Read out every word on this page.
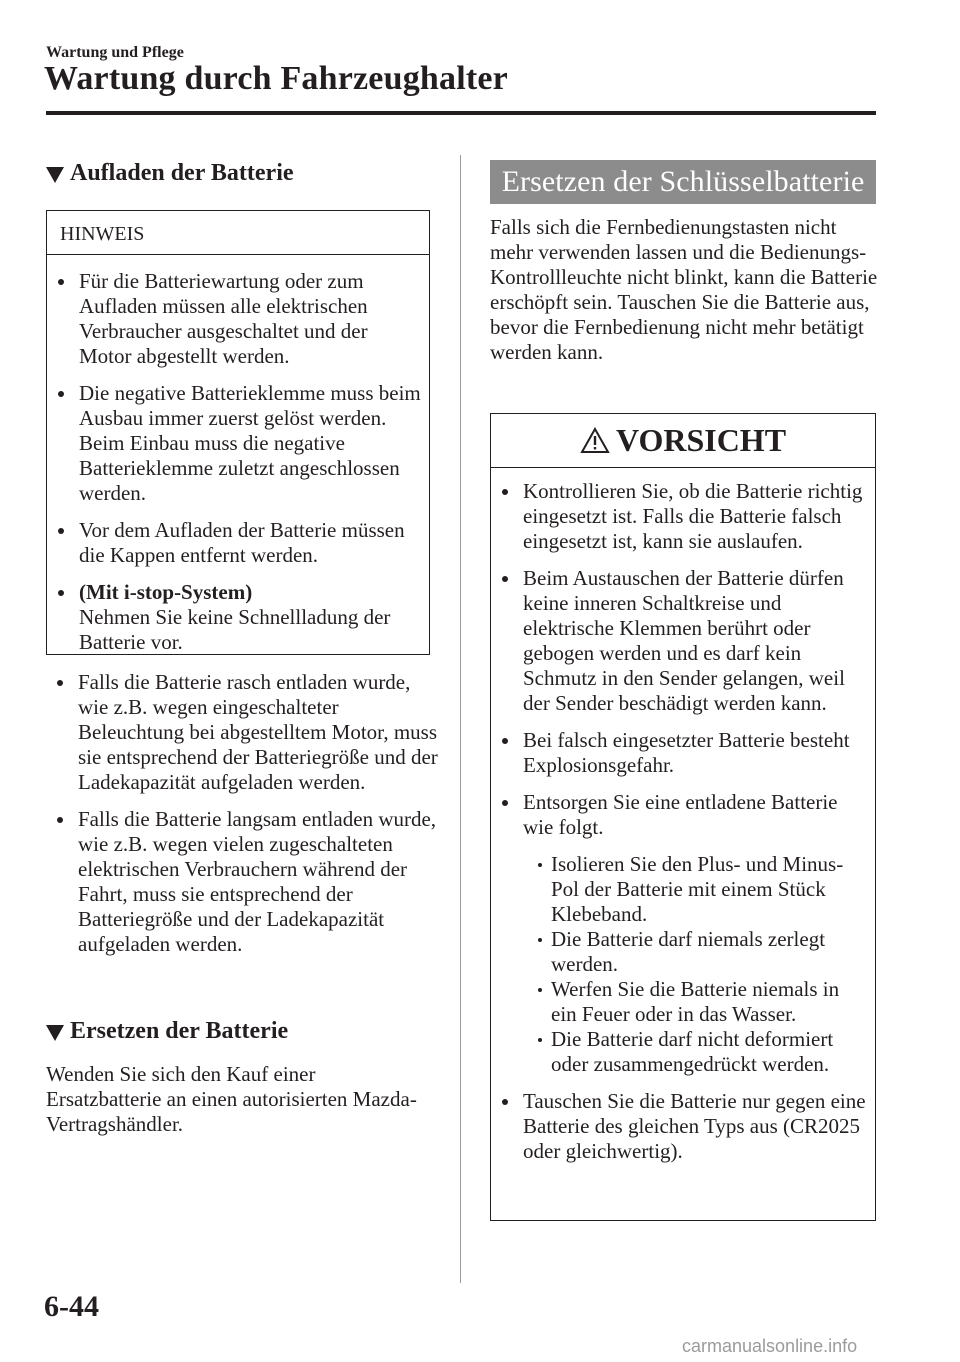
Wartung und Pflege
Wartung durch Fahrzeughalter
Aufladen der Batterie
HINWEIS
Für die Batteriewartung oder zum Aufladen müssen alle elektrischen Verbraucher ausgeschaltet und der Motor abgestellt werden.
Die negative Batterieklemme muss beim Ausbau immer zuerst gelöst werden. Beim Einbau muss die negative Batterieklemme zuletzt angeschlossen werden.
Vor dem Aufladen der Batterie müssen die Kappen entfernt werden.
(Mit i-stop-System)
Nehmen Sie keine Schnellladung der Batterie vor.
Falls die Batterie rasch entladen wurde, wie z.B. wegen eingeschalteter Beleuchtung bei abgestelltem Motor, muss sie entsprechend der Batteriegröße und der Ladekapazität aufgeladen werden.
Falls die Batterie langsam entladen wurde, wie z.B. wegen vielen zugeschalteten elektrischen Verbrauchern während der Fahrt, muss sie entsprechend der Batteriegröße und der Ladekapazität aufgeladen werden.
Ersetzen der Batterie
Wenden Sie sich den Kauf einer Ersatzbatterie an einen autorisierten Mazda-Vertragshändler.
Ersetzen der Schlüsselbatterie
Falls sich die Fernbedienungstasten nicht mehr verwenden lassen und die Bedienungs-Kontrollleuchte nicht blinkt, kann die Batterie erschöpft sein. Tauschen Sie die Batterie aus, bevor die Fernbedienung nicht mehr betätigt werden kann.
VORSICHT
Kontrollieren Sie, ob die Batterie richtig eingesetzt ist. Falls die Batterie falsch eingesetzt ist, kann sie auslaufen.
Beim Austauschen der Batterie dürfen keine inneren Schaltkreise und elektrische Klemmen berührt oder gebogen werden und es darf kein Schmutz in den Sender gelangen, weil der Sender beschädigt werden kann.
Bei falsch eingesetzter Batterie besteht Explosionsgefahr.
Entsorgen Sie eine entladene Batterie wie folgt.
Isolieren Sie den Plus- und Minus-Pol der Batterie mit einem Stück Klebeband.
Die Batterie darf niemals zerlegt werden.
Werfen Sie die Batterie niemals in ein Feuer oder in das Wasser.
Die Batterie darf nicht deformiert oder zusammengedrückt werden.
Tauschen Sie die Batterie nur gegen eine Batterie des gleichen Typs aus (CR2025 oder gleichwertig).
6-44
carmanualsonline.info
